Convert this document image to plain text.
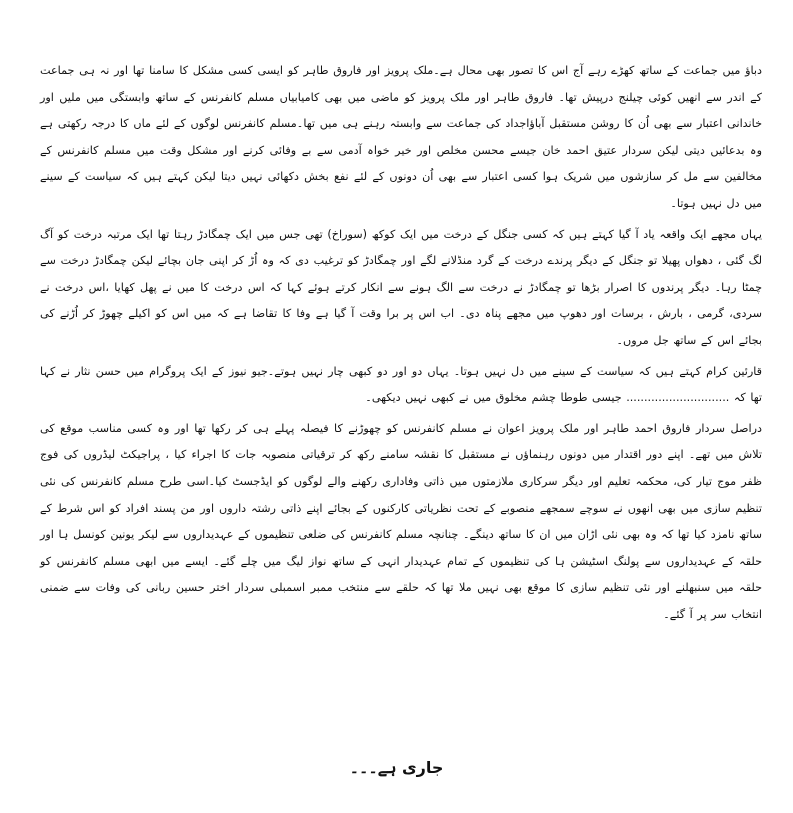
دباؤ میں جماعت کے ساتھ کھڑے رہے آج اس کا تصور بھی محال ہے۔ملک پرویز اور فاروق طاہر کو ایسی کسی مشکل کا سامنا تھا اور نہ ہی جماعت کے اندر سے انھیں کوئی چیلنج درپیش تھا۔ فاروق طاہر اور ملک پرویز کو ماضی میں بھی کامیابیاں مسلم کانفرنس کے ساتھ وابستگی میں ملیں اور خاندانی اعتبار سے بھی اُن کا روشن مستقبل آباؤاجداد کی جماعت سے وابستہ رہنے ہی میں تھا۔مسلم کانفرنس لوگوں کے لئے ماں کا درجہ رکھتی ہے وہ بدعائیں دیتی لیکن سردار عتیق احمد خان جیسے محسن مخلص اور خیر خواہ آدمی سے بے وفائی کرنے اور مشکل وقت میں مسلم کانفرنس کے مخالفین سے مل کر سازشوں میں شریک ہوا کسی اعتبار سے بھی اُن دونوں کے لئے نفع بخش دکھائی نہیں دیتا لیکن کہتے ہیں کہ سیاست کے سینے میں دل نہیں ہوتا۔

یہاں مجھے ایک واقعہ یاد آ گیا کہتے ہیں کہ کسی جنگل کے درخت میں ایک کوکھ (سوراخ) تھی جس میں ایک چمگادڑ رہتا تھا ایک مرتبہ درخت کو آگ لگ گئی ، دھواں پھیلا تو جنگل کے دیگر پرندے درخت کے گرد منڈلانے لگے اور چمگادڑ کو ترغیب دی کہ وہ اُڑ کر اپنی جان بچائے لیکن چمگادڑ درخت سے چمٹا رہا۔ دیگر پرندوں کا اصرار بڑھا تو چمگادڑ نے درخت سے الگ ہونے سے انکار کرتے ہوئے کہا کہ اس درخت کا میں نے پھل کھایا ،اس درخت نے سردی، گرمی ، بارش ، برسات اور دھوپ میں مجھے پناہ دی۔ اب اس پر برا وقت آ گیا ہے وفا کا تقاضا ہے کہ میں اس کو اکیلے چھوڑ کر اُڑنے کی بجائے اس کے ساتھ جل مروں۔

قارئین کرام کہتے ہیں کہ سیاست کے سینے میں دل نہیں ہوتا۔ یہاں دو اور دو کبھی چار نہیں ہوتے۔جیو نیوز کے ایک پروگرام میں حسن نثار نے کہا تھا کہ ............................. جیسی طوطا چشم مخلوق میں نے کبھی نہیں دیکھی۔

دراصل سردار فاروق احمد طاہر اور ملک پرویز اعوان نے مسلم کانفرنس کو چھوڑنے کا فیصلہ پہلے ہی کر رکھا تھا اور وہ کسی مناسب موقع کی تلاش میں تھے۔ اپنے دور اقتدار میں دونوں رہنماؤں نے مستقبل کا نقشہ سامنے رکھ کر ترقیاتی منصوبہ جات کا اجراء کیا ، پراجیکٹ لیڈروں کی فوج ظفر موج تیار کی، محکمہ تعلیم اور دیگر سرکاری ملازمتوں میں ذاتی وفاداری رکھنے والے لوگوں کو ایڈجسٹ کیا۔اسی طرح مسلم کانفرنس کی نئی تنظیم سازی میں بھی انھوں نے سوچے سمجھے منصوبے کے تحت نظریاتی کارکنوں کے بجائے اپنے ذاتی رشتہ داروں اور من پسند افراد کو اس شرط کے ساتھ نامزد کیا تھا کہ وہ بھی نئی اڑان میں ان کا ساتھ دینگے۔ چنانچہ مسلم کانفرنس کی ضلعی تنظیموں کے عہدیداروں سے لیکر یونین کونسل ہا اور حلقہ کے عہدیداروں سے پولنگ اسٹیشن ہا کی تنظیموں کے تمام عہدیدار انہی کے ساتھ نواز لیگ میں چلے گئے۔ ایسے میں ابھی مسلم کانفرنس کو حلقہ میں سنبھلنے اور نئی تنظیم سازی کا موقع بھی نہیں ملا تھا کہ حلقے سے منتخب ممبر اسمبلی سردار اختر حسین ربانی کی وفات سے ضمنی انتخاب سر پر آ گئے۔

جاری ہے۔۔۔
